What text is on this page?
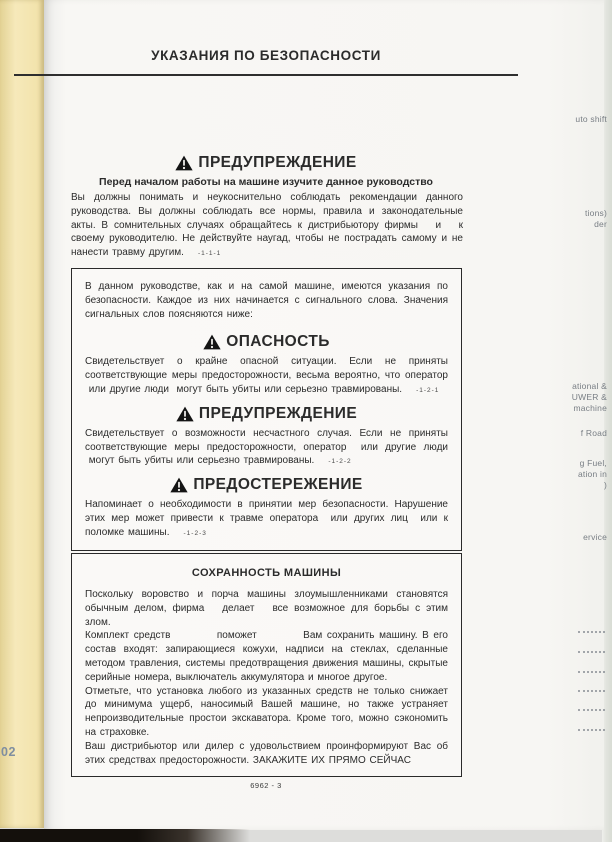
uto shift
tions)
der
ational &
UWER &
machine
f Road
g Fuel,
ation in
)
ervice
02
УКАЗАНИЯ ПО БЕЗОПАСНОСТИ
ПРЕДУПРЕЖДЕНИЕ
Перед началом работы на машине изучите данное руководство

Вы должны понимать и неукоснительно соблюдать рекомендации данного руководства. Вы должны соблюдать все нормы, правила и законодательные акты. В сомнительных случаях обращайтесь к дистрибьютору фирмы   и   к своему руководителю. Не действуйте наугад, чтобы не пострадать самому и не нанести травму другим. -1-1-1

В данном руководстве, как и на самой машине, имеются указания по безопасности. Каждое из них начинается с сигнального слова. Значения сигнальных слов поясняются ниже:

ОПАСНОСТЬ

Свидетельствует о крайне опасной ситуации. Если не приняты соответствующие меры предосторожности, весьма вероятно, что оператор  или другие люди  могут быть убиты или серьезно травмированы. -1-2-1

ПРЕДУПРЕЖДЕНИЕ

Свидетельствует о возможности несчастного случая. Если не приняты соответствующие меры предосторожности, оператор  или другие люди  могут быть убиты или серьезно травмированы. -1-2-2

ПРЕДОСТЕРЕЖЕНИЕ

Напоминает о необходимости в принятии мер безопасности. Нарушение этих мер может привести к травме оператора  или других лиц  или к поломке машины. -1-2-3

СОХРАННОСТЬ МАШИНЫ

Поскольку воровство и порча машины злоумышленниками становятся обычным делом, фирма   делает   все возможное для борьбы с этим злом.

Комплект средств          поможет          Вам сохранить машину. В его состав входят: запирающиеся кожухи, надписи на стеклах, сделанные методом травления, системы предотвращения движения машины, скрытые серийные номера, выключатель аккумулятора и многое другое.

Отметьте, что установка любого из указанных средств не только снижает до минимума ущерб, наносимый Вашей машине, но также устраняет непроизводительные простои экскаватора. Кроме того, можно сэкономить на страховке.

Ваш дистрибьютор или дилер с удовольствием проинформируют Вас об этих средствах предосторожности. ЗАКАЖИТЕ ИХ ПРЯМО СЕЙЧАС

6962 - 3
